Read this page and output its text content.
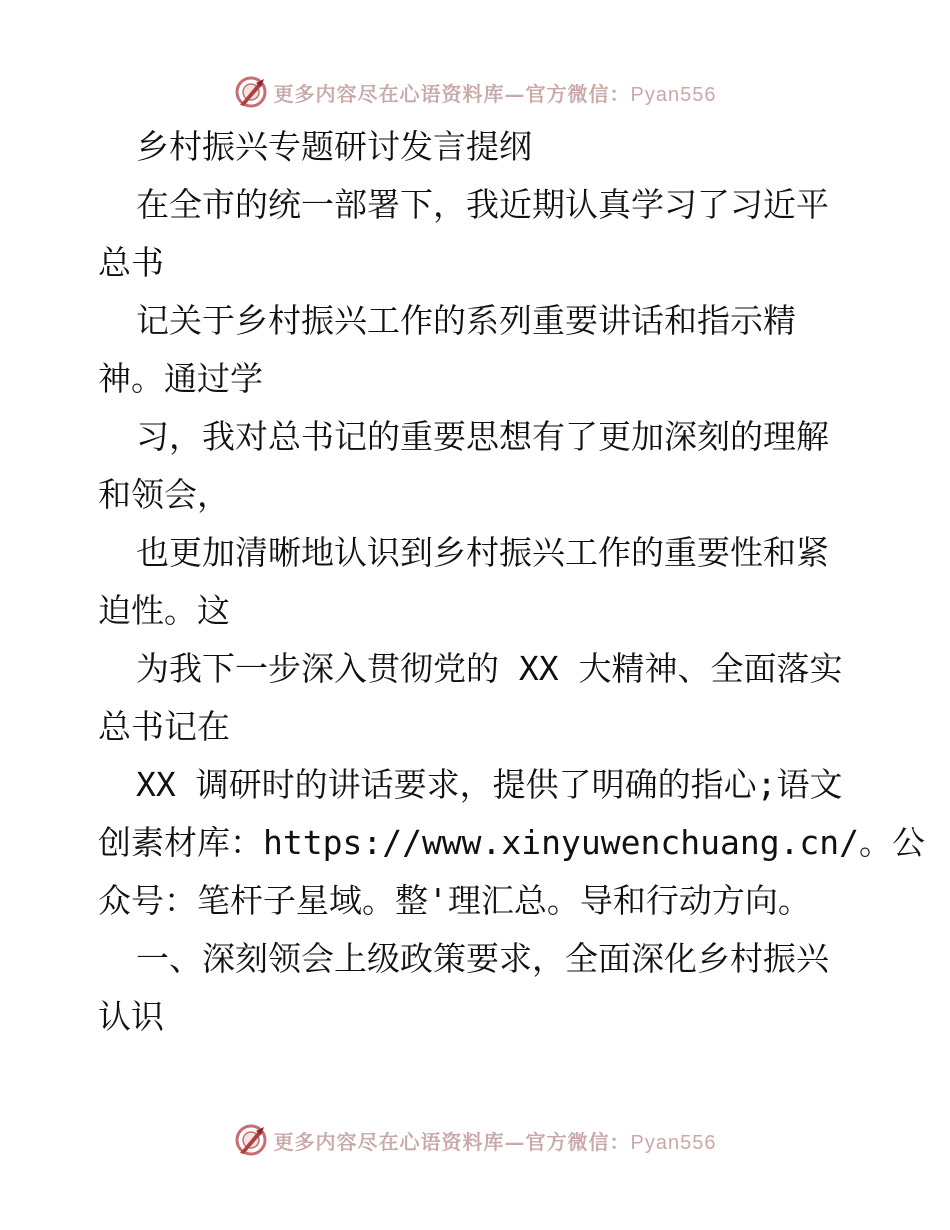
更多内容尽在心语资料库—官方微信：Pyan556
乡村振兴专题研讨发言提纲
在全市的统一部署下，我近期认真学习了习近平
总书
记关于乡村振兴工作的系列重要讲话和指示精
神。通过学
习，我对总书记的重要思想有了更加深刻的理解
和领会，
也更加清晰地认识到乡村振兴工作的重要性和紧
迫性。这
为我下一步深入贯彻党的 XX 大精神、全面落实
总书记在
XX 调研时的讲话要求，提供了明确的指心;语文
创素材库：https://www.xinyuwenchuang.cn/。公
众号：笔杆子星域。整'理汇总。导和行动方向。
一、深刻领会上级政策要求，全面深化乡村振兴
认识
更多内容尽在心语资料库—官方微信：Pyan556
